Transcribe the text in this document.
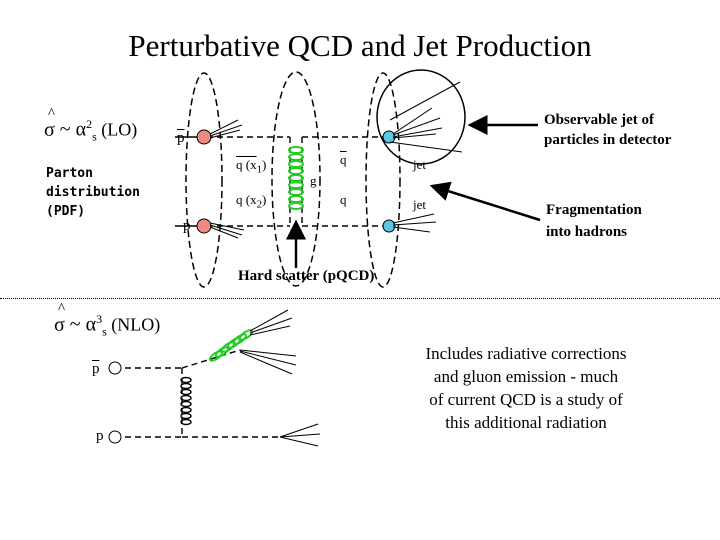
Perturbative QCD and Jet Production
^
σ ~ $\alpha^2_s$ (LO)	$\overline{p}$
p
Parton
distribution
(PDF)
q $(x_1)$
q $(x_2)$
g
$\overline{q}$
q
jet
jet
Observable jet of
particles in detector
Fragmentation
into hadrons
Hard scatter (pQCD)
^
σ ~ $\alpha^3_s$ (NLO)
$\overline{p}$
p
Includes radiative corrections
and gluon emission - much
of current QCD is a study of
this additional radiation
